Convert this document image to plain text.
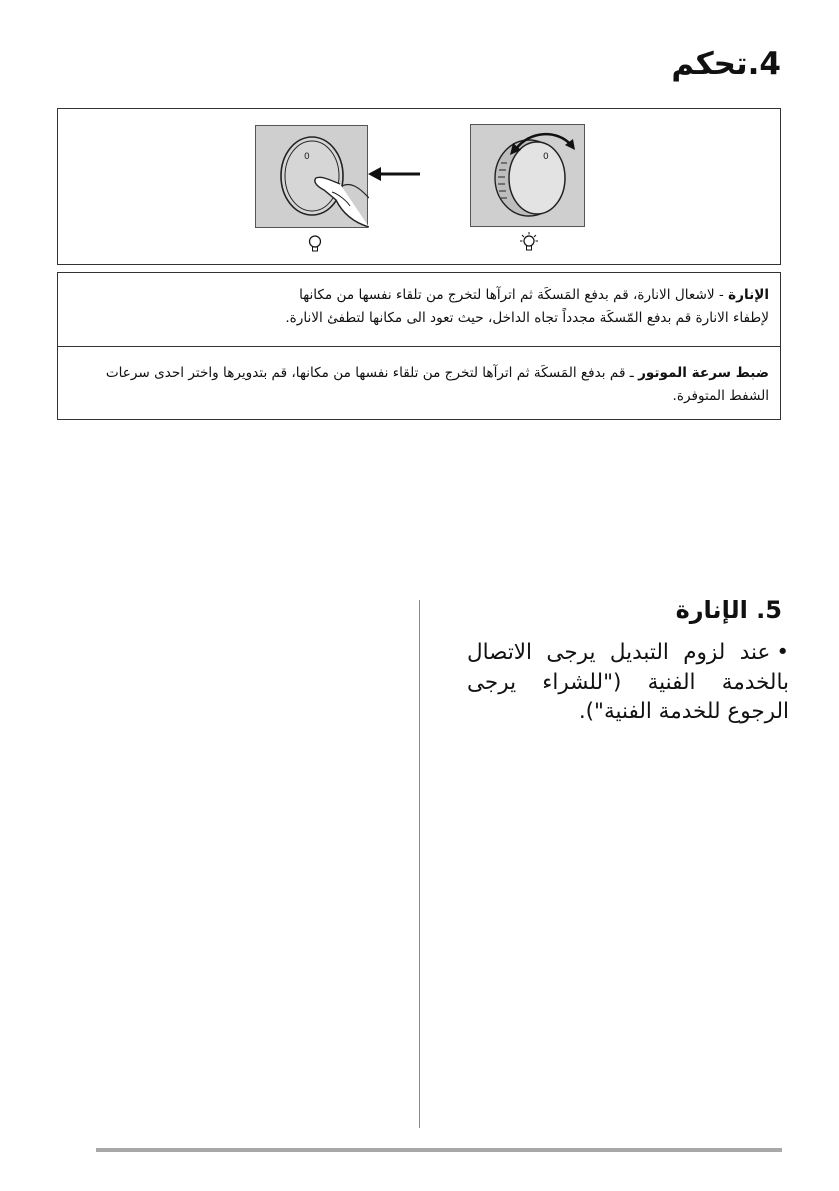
4.تحكم
0	0
الإنارة - لاشعال الانارة، قم بدفع المَسكَة ثم اترآها لتخرج من تلقاء نفسها من مكانها
لإطفاء الانارة قم بدفع المّسكَة مجدداً تجاه الداخل، حيث تعود الى مكانها لتطفئ الانارة.
ضبط سرعة الموتور ـ قم بدفع المَسكَة ثم اترآها لتخرج من تلقاء نفسها من مكانها، قم بتدويرها واختر احدى سرعات الشفط المتوفرة.
5. الإنارة
•عند لزوم التبديل يرجى الاتصال بالخدمة الفنية ("للشراء يرجى الرجوع للخدمة الفنية").
